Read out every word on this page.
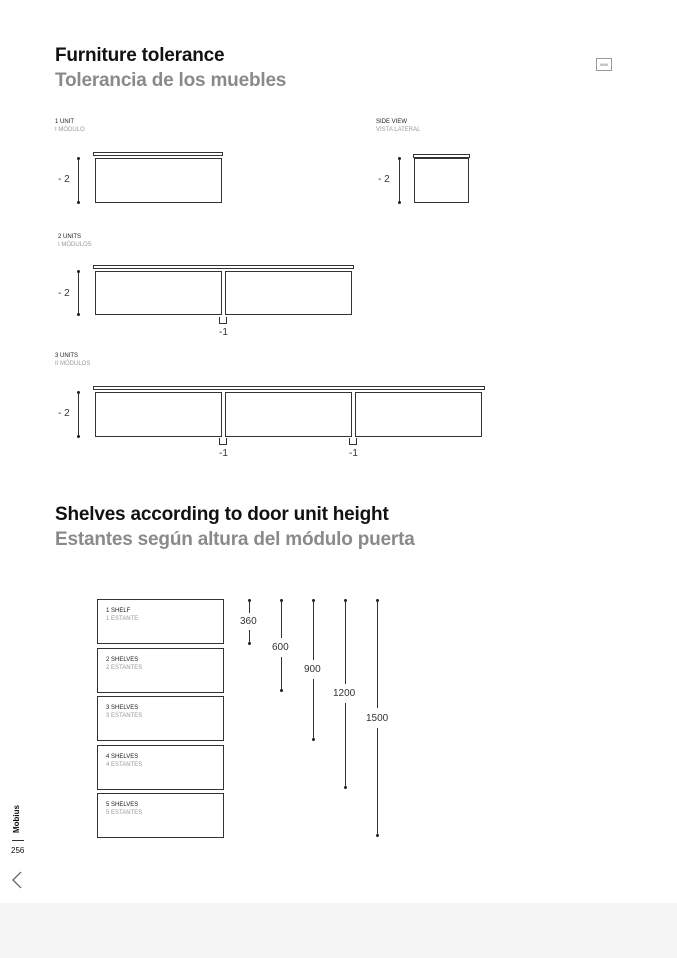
Furniture tolerance
Tolerancia de los muebles
M/M
1 UNIT
I MÓDULO
- 2
SIDE VIEW
VISTA LATERAL
- 2
2 UNITS
I MÓDULOS
- 2
-1
3 UNITS
II MÓDULOS
- 2
-1	-1
Shelves according to door unit height
Estantes según altura del módulo puerta
1 SHELF
1 ESTANTE
2 SHELVES
2 ESTANTES
3 SHELVES
3 ESTANTES
4 SHELVES
4 ESTANTES
5 SHELVES
5 ESTANTES
360
600
900
1200
1500
Mobius
256
